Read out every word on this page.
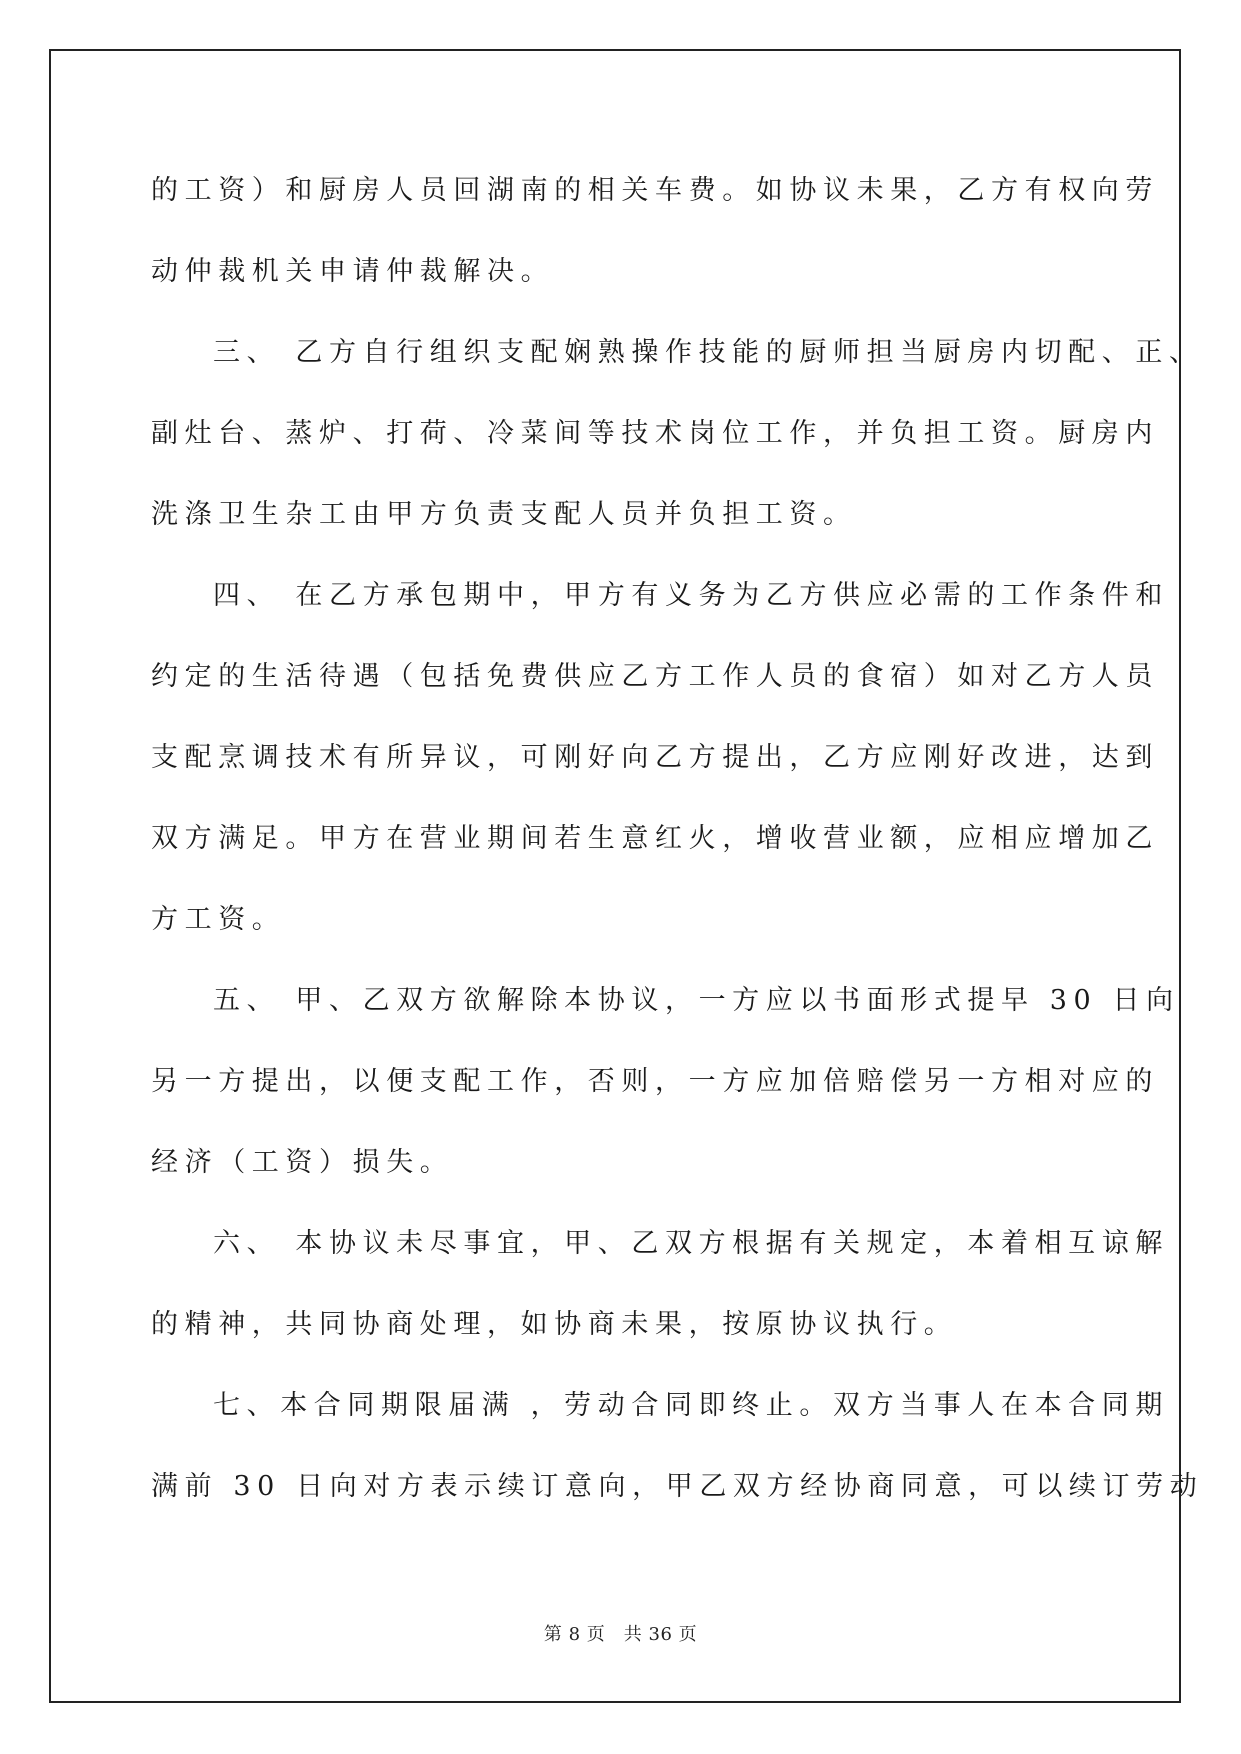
的工资）和厨房人员回湖南的相关车费。如协议未果，乙方有权向劳
动仲裁机关申请仲裁解决。
三、 乙方自行组织支配娴熟操作技能的厨师担当厨房内切配、正、
副灶台、蒸炉、打荷、冷菜间等技术岗位工作，并负担工资。厨房内
洗涤卫生杂工由甲方负责支配人员并负担工资。
四、 在乙方承包期中，甲方有义务为乙方供应必需的工作条件和
约定的生活待遇（包括免费供应乙方工作人员的食宿）如对乙方人员
支配烹调技术有所异议，可刚好向乙方提出，乙方应刚好改进，达到
双方满足。甲方在营业期间若生意红火，增收营业额，应相应增加乙
方工资。
五、 甲、乙双方欲解除本协议，一方应以书面形式提早 30 日向
另一方提出，以便支配工作，否则，一方应加倍赔偿另一方相对应的
经济（工资）损失。
六、 本协议未尽事宜，甲、乙双方根据有关规定，本着相互谅解
的精神，共同协商处理，如协商未果，按原协议执行。
七、本合同期限届满 ，劳动合同即终止。双方当事人在本合同期
满前 30 日向对方表示续订意向，甲乙双方经协商同意，可以续订劳动
第 8 页　共 36 页
